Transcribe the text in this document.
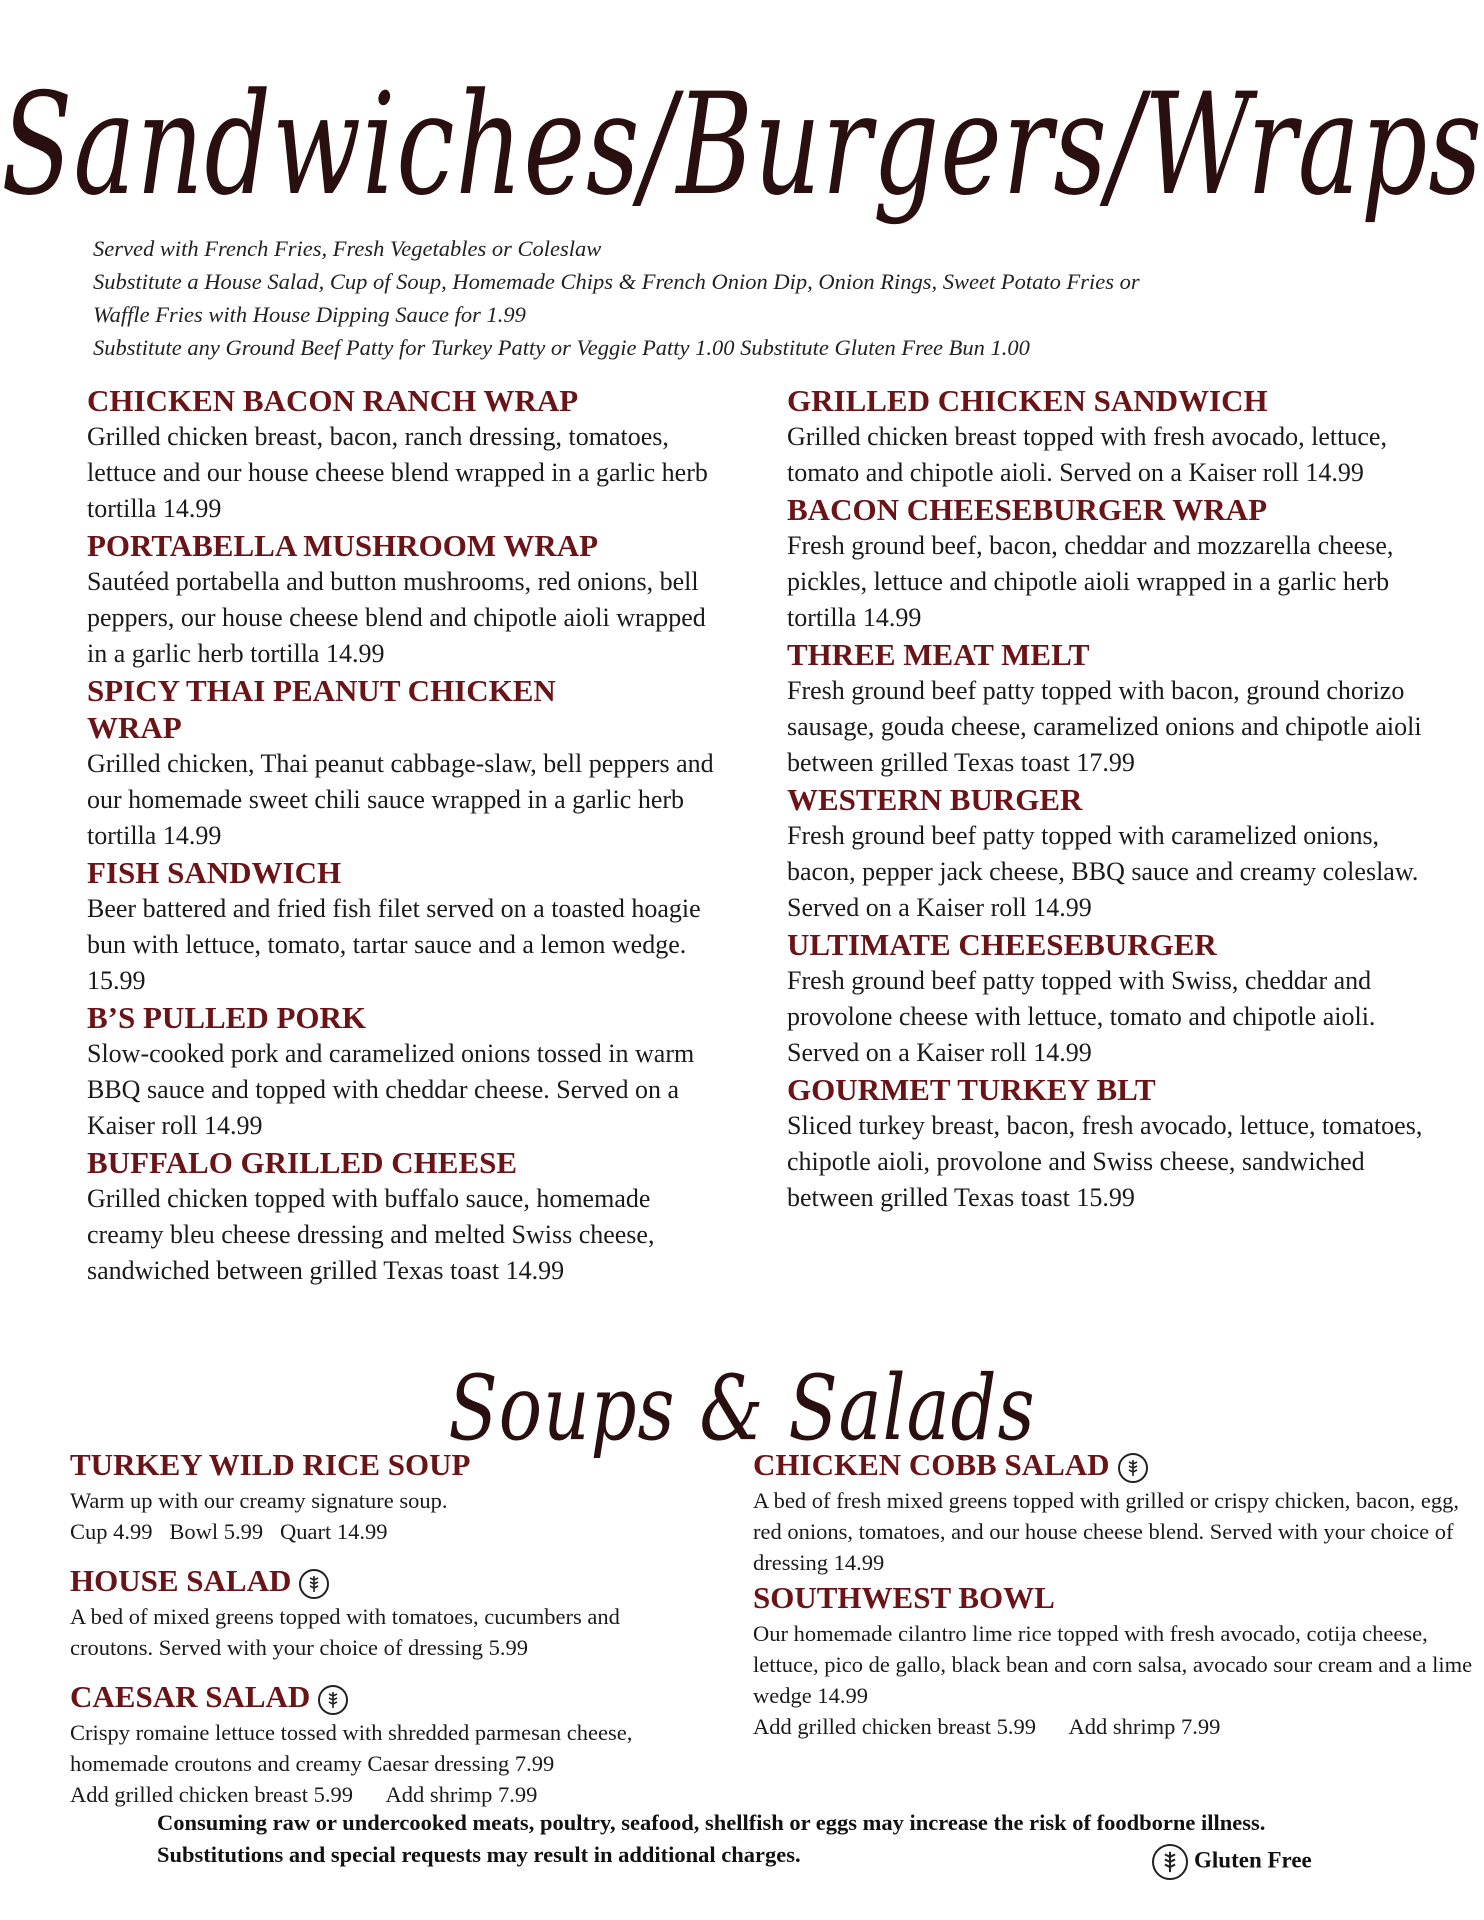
Sandwiches/Burgers/Wraps
Served with French Fries, Fresh Vegetables or Coleslaw
Substitute a House Salad, Cup of Soup, Homemade Chips & French Onion Dip, Onion Rings, Sweet Potato Fries or
Waffle Fries with House Dipping Sauce for 1.99
Substitute any Ground Beef Patty for Turkey Patty or Veggie Patty 1.00 Substitute Gluten Free Bun 1.00
CHICKEN BACON RANCH WRAP
Grilled chicken breast, bacon, ranch dressing, tomatoes, lettuce and our house cheese blend wrapped in a garlic herb tortilla 14.99
PORTABELLA MUSHROOM WRAP
Sautéed portabella and button mushrooms, red onions, bell peppers, our house cheese blend and chipotle aioli wrapped in a garlic herb tortilla 14.99
SPICY THAI PEANUT CHICKEN WRAP
Grilled chicken, Thai peanut cabbage-slaw, bell peppers and our homemade sweet chili sauce wrapped in a garlic herb tortilla 14.99
FISH SANDWICH
Beer battered and fried fish filet served on a toasted hoagie bun with lettuce, tomato, tartar sauce and a lemon wedge. 15.99
B’S PULLED PORK
Slow-cooked pork and caramelized onions tossed in warm BBQ sauce and topped with cheddar cheese. Served on a Kaiser roll 14.99
BUFFALO GRILLED CHEESE
Grilled chicken topped with buffalo sauce, homemade creamy bleu cheese dressing and melted Swiss cheese, sandwiched between grilled Texas toast 14.99
GRILLED CHICKEN SANDWICH
Grilled chicken breast topped with fresh avocado, lettuce, tomato and chipotle aioli. Served on a Kaiser roll 14.99
BACON CHEESEBURGER WRAP
Fresh ground beef, bacon, cheddar and mozzarella cheese, pickles, lettuce and chipotle aioli wrapped in a garlic herb tortilla 14.99
THREE MEAT MELT
Fresh ground beef patty topped with bacon, ground chorizo sausage, gouda cheese, caramelized onions and chipotle aioli between grilled Texas toast 17.99
WESTERN BURGER
Fresh ground beef patty topped with caramelized onions, bacon, pepper jack cheese, BBQ sauce and creamy coleslaw. Served on a Kaiser roll 14.99
ULTIMATE CHEESEBURGER
Fresh ground beef patty topped with Swiss, cheddar and provolone cheese with lettuce, tomato and chipotle aioli. Served on a Kaiser roll 14.99
GOURMET TURKEY BLT
Sliced turkey breast, bacon, fresh avocado, lettuce, tomatoes, chipotle aioli, provolone and Swiss cheese, sandwiched between grilled Texas toast 15.99
Soups & Salads
TURKEY WILD RICE SOUP
Warm up with our creamy signature soup.
Cup 4.99   Bowl 5.99   Quart 14.99
HOUSE SALAD
A bed of mixed greens topped with tomatoes, cucumbers and croutons. Served with your choice of dressing 5.99
CAESAR SALAD
Crispy romaine lettuce tossed with shredded parmesan cheese, homemade croutons and creamy Caesar dressing 7.99
Add grilled chicken breast 5.99      Add shrimp 7.99
CHICKEN COBB SALAD
A bed of fresh mixed greens topped with grilled or crispy chicken, bacon, egg, red onions, tomatoes, and our house cheese blend. Served with your choice of dressing 14.99
SOUTHWEST BOWL
Our homemade cilantro lime rice topped with fresh avocado, cotija cheese, lettuce, pico de gallo, black bean and corn salsa, avocado sour cream and a lime wedge 14.99
Add grilled chicken breast 5.99      Add shrimp 7.99
Consuming raw or undercooked meats, poultry, seafood, shellfish or eggs may increase the risk of foodborne illness. Substitutions and special requests may result in additional charges.	Gluten Free
